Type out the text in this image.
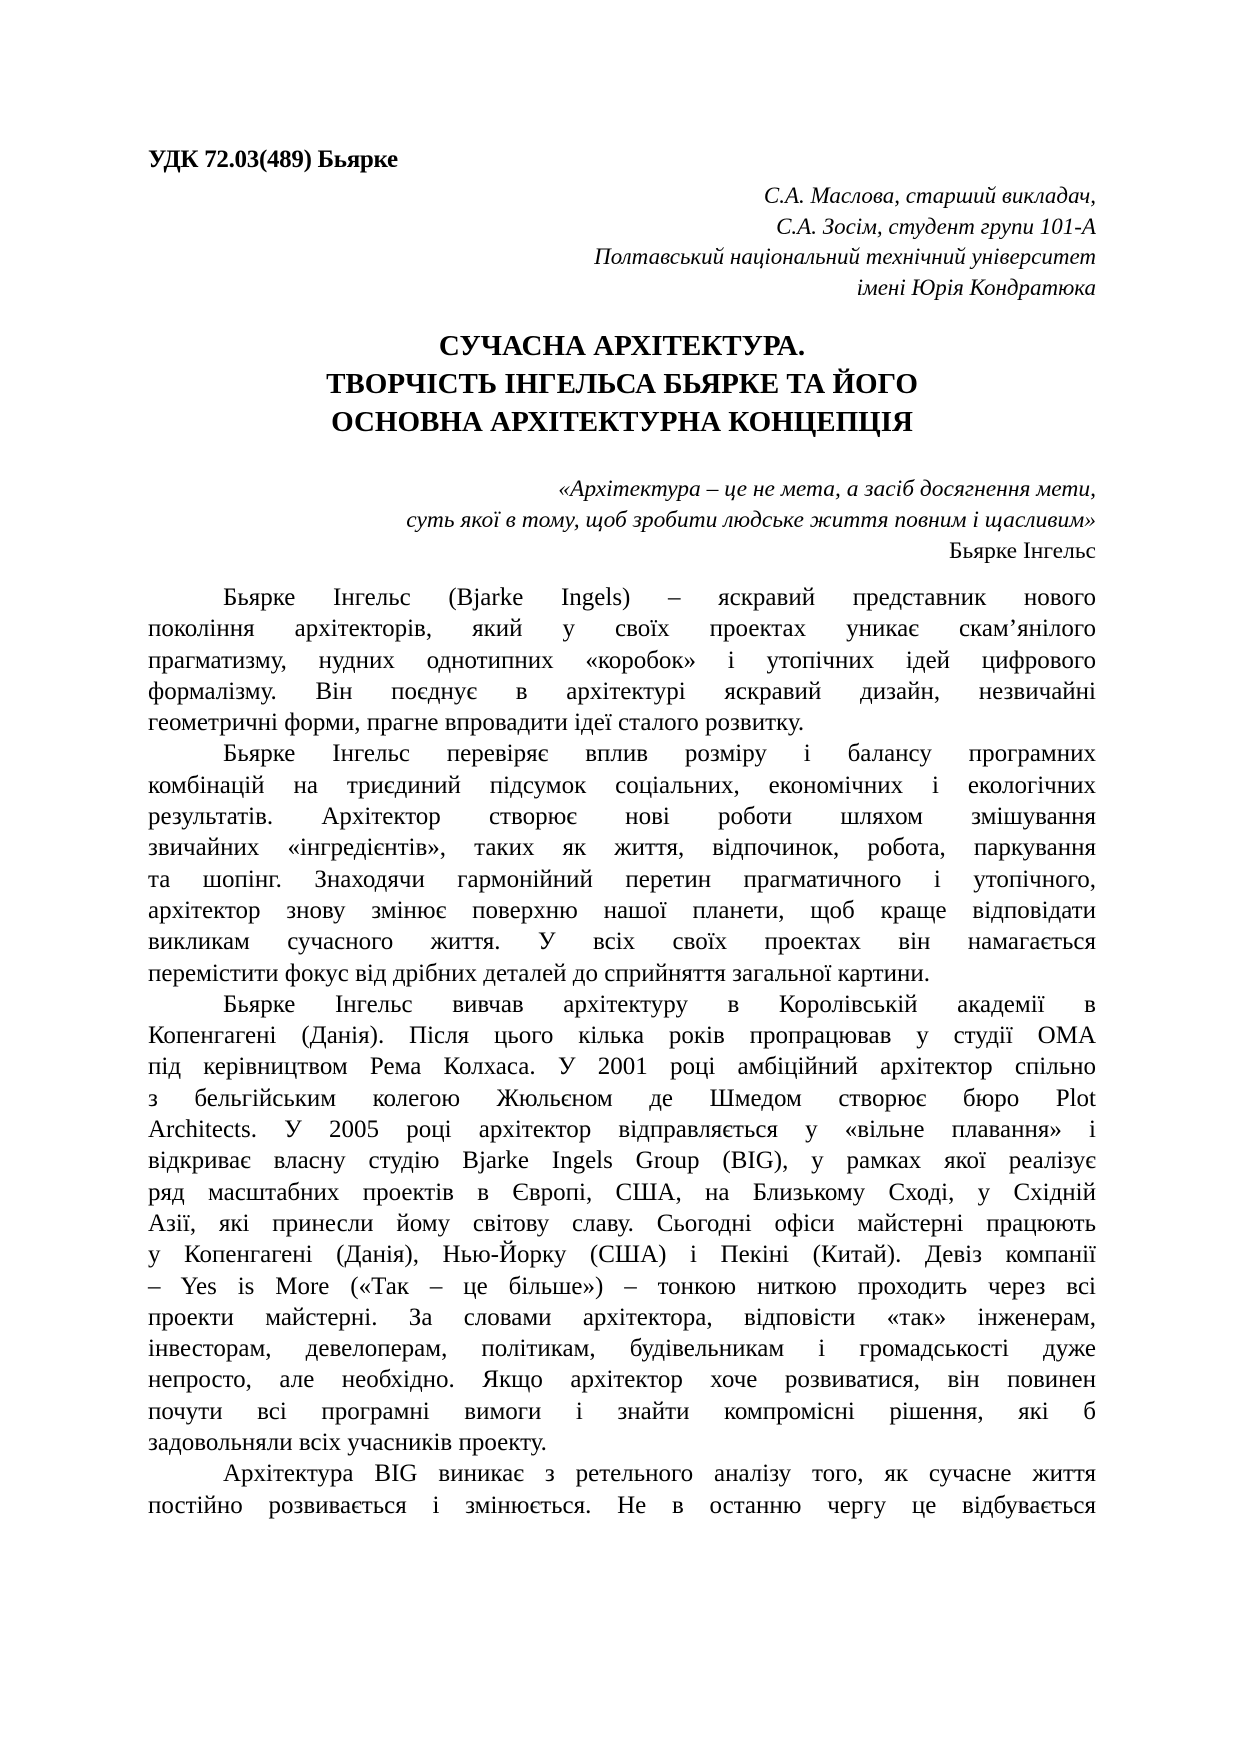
УДК 72.03(489) Бьярке
С.А. Маслова, старший викладач,
С.А. Зосім, студент групи 101-А
Полтавський національний технічний університет
імені Юрія Кондратюка
СУЧАСНА АРХІТЕКТУРА.
ТВОРЧІСТЬ ІНГЕЛЬСА БЬЯРКЕ ТА ЙОГО
ОСНОВНА АРХІТЕКТУРНА КОНЦЕПЦІЯ
«Архітектура – це не мета, а засіб досягнення мети,
суть якої в тому, щоб зробити людське життя повним і щасливим»
Бьярке Інгельс
Бьярке Інгельс (Bjarke Ingels) – яскравий представник нового
покоління архітекторів, який у своїх проектах уникає скам’янілого
прагматизму, нудних однотипних «коробок» і утопічних ідей цифрового
формалізму. Він поєднує в архітектурі яскравий дизайн, незвичайні
геометричні форми, прагне впровадити ідеї сталого розвитку.
Бьярке Інгельс перевіряє вплив розміру і балансу програмних
комбінацій на триєдиний підсумок соціальних, економічних і екологічних
результатів. Архітектор створює нові роботи шляхом змішування
звичайних «інгредієнтів», таких як життя, відпочинок, робота, паркування
та шопінг. Знаходячи гармонійний перетин прагматичного і утопічного,
архітектор знову змінює поверхню нашої планети, щоб краще відповідати
викликам сучасного життя. У всіх своїх проектах він намагається
перемістити фокус від дрібних деталей до сприйняття загальної картини.
Бьярке Інгельс вивчав архітектуру в Королівській академії в
Копенгагені (Данія). Після цього кілька років пропрацював у студії ОМА
під керівництвом Рема Колхаса. У 2001 році амбіційний архітектор спільно
з бельгійським колегою Жюльєном де Шмедом створює бюро Plot
Architects. У 2005 році архітектор відправляється у «вільне плавання» і
відкриває власну студію Bjarke Ingels Group (BIG), у рамках якої реалізує
ряд масштабних проектів в Європі, США, на Близькому Сході, у Східній
Азії, які принесли йому світову славу. Сьогодні офіси майстерні працюють
у Копенгагені (Данія), Нью-Йорку (США) і Пекіні (Китай). Девіз компанії
– Yes is More («Так – це більше») – тонкою ниткою проходить через всі
проекти майстерні. За словами архітектора, відповісти «так» інженерам,
інвесторам, девелоперам, політикам, будівельникам і громадськості дуже
непросто, але необхідно. Якщо архітектор хоче розвиватися, він повинен
почути всі програмні вимоги і знайти компромісні рішення, які б
задовольняли всіх учасників проекту.
Архітектура BIG виникає з ретельного аналізу того, як сучасне життя
постійно розвивається і змінюється. Не в останню чергу це відбувається
